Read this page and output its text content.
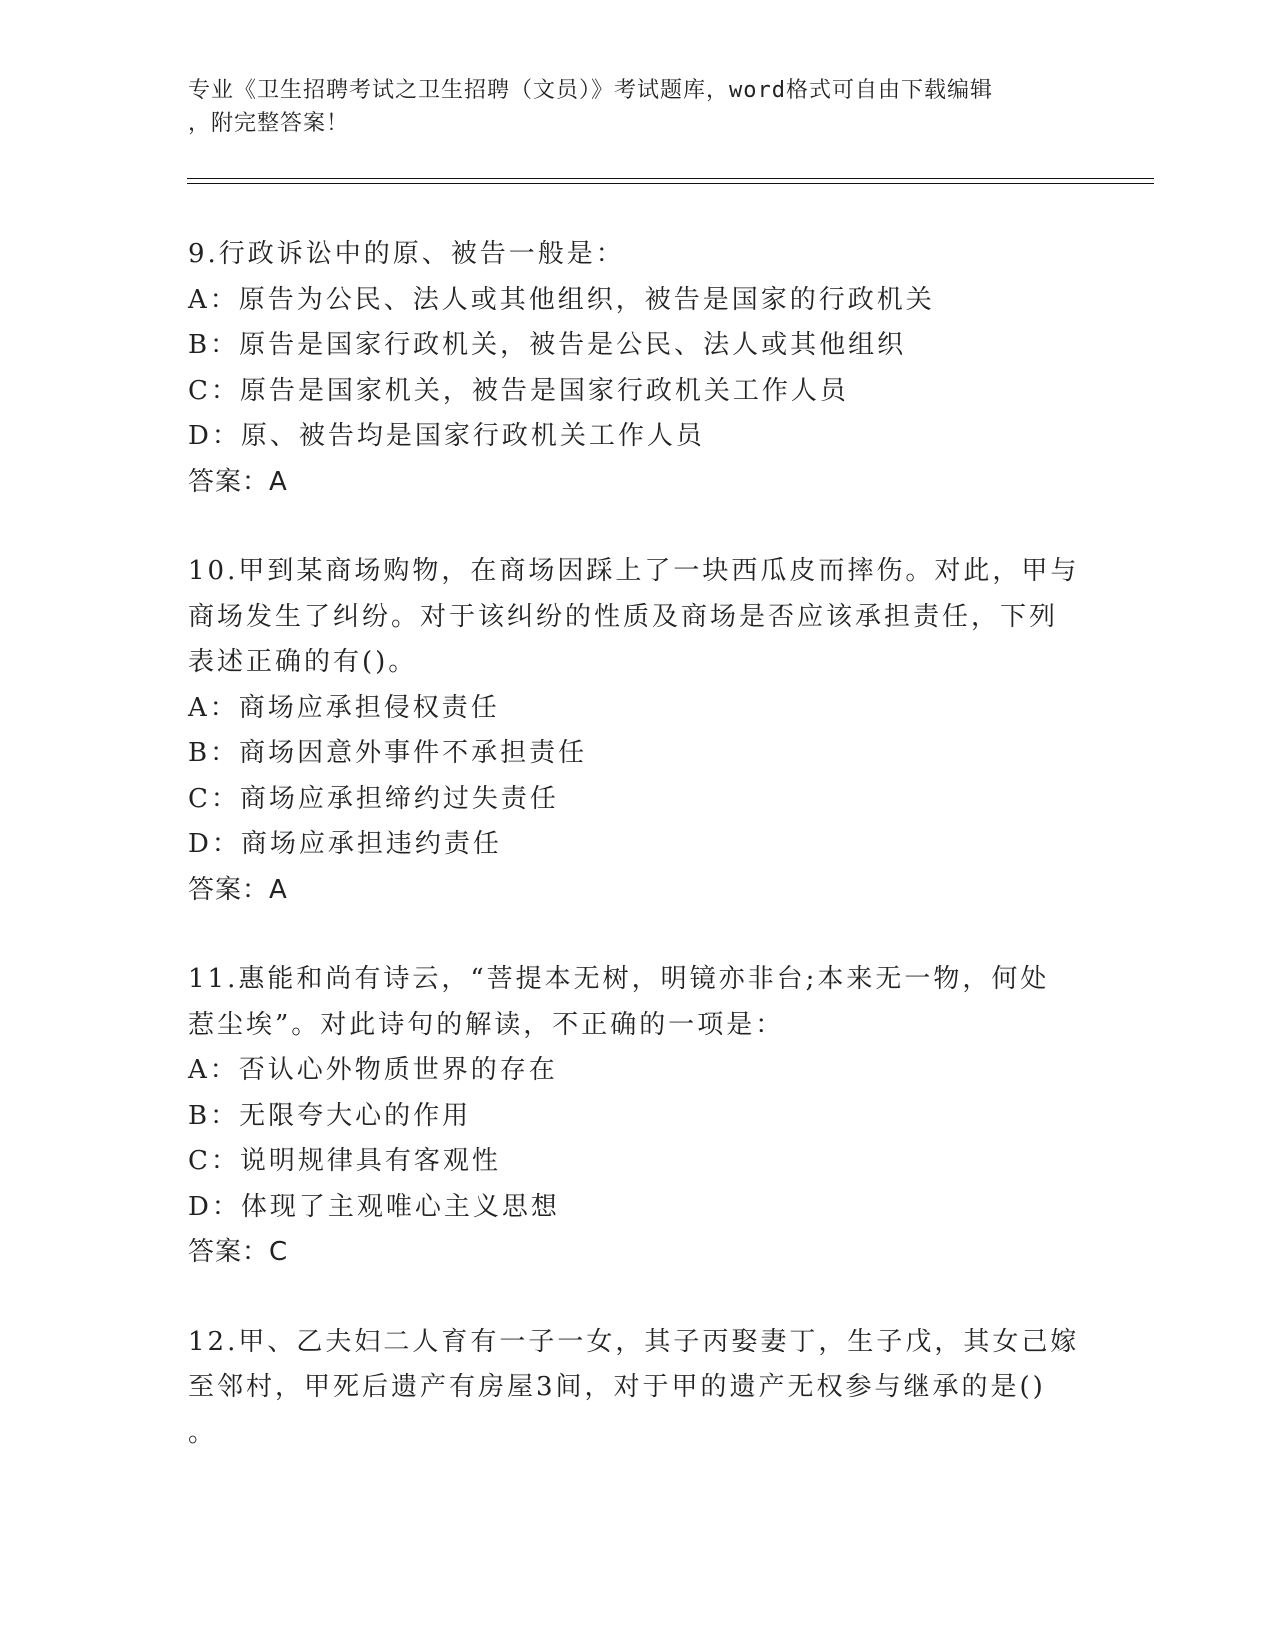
专业《卫生招聘考试之卫生招聘（文员）》考试题库，word格式可自由下载编辑
，附完整答案！
9.行政诉讼中的原、被告一般是：
A：原告为公民、法人或其他组织，被告是国家的行政机关
B：原告是国家行政机关，被告是公民、法人或其他组织
C：原告是国家机关，被告是国家行政机关工作人员
D：原、被告均是国家行政机关工作人员
答案：A
10.甲到某商场购物，在商场因踩上了一块西瓜皮而摔伤。对此，甲与
商场发生了纠纷。对于该纠纷的性质及商场是否应该承担责任，下列
表述正确的有()。
A：商场应承担侵权责任
B：商场因意外事件不承担责任
C：商场应承担缔约过失责任
D：商场应承担违约责任
答案：A
11.惠能和尚有诗云，“菩提本无树，明镜亦非台;本来无一物，何处
惹尘埃”。对此诗句的解读，不正确的一项是：
A：否认心外物质世界的存在
B：无限夸大心的作用
C：说明规律具有客观性
D：体现了主观唯心主义思想
答案：C
12.甲、乙夫妇二人育有一子一女，其子丙娶妻丁，生子戊，其女己嫁
至邻村，甲死后遗产有房屋3间，对于甲的遗产无权参与继承的是()
。
